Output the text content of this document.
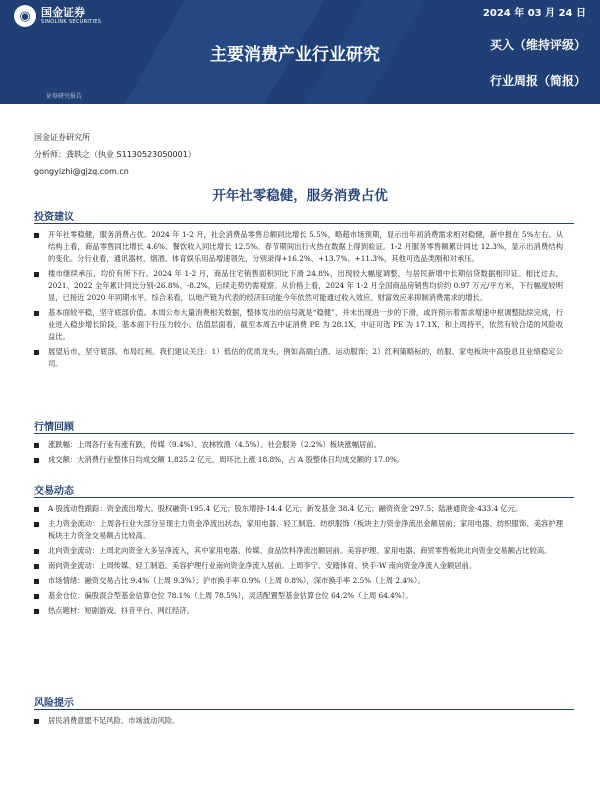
◉ 国金证券
SINOLINK SECURITIES
2024 年 03 月 24 日
主要消费产业行业研究	买入（维持评级）
行业周报（简报）
证券研究报告
国金证券研究所
分析师：龚轶之（执业 S1130523050001）
gongyizhi@gjzq.com.cn
开年社零稳健，服务消费占优
投资建议
开年社零稳健，服务消费占优。2024 年 1-2 月，社会消费品零售总额同比增长 5.5%，略超市场预期，显示出年初消费需求相对稳健，新中报在 5%左右。从结构上看，商品零售同比增长 4.6%、餐饮收入同比增长 12.5%。春节期间出行火热在数据上得到验证。1-2 月服务零售额累计同比 12.3%，显示出消费结构的变化。分行业看，通讯器材、烟酒、体育娱乐用品增速领先，分别录得+16.2%、+13.7%、+11.3%，其他可选品类刚和对承压。
楼市继续承压，均价有所下行。2024 年 1-2 月，商品住宅销售面积同比下滑 24.8%，出现较大幅度调整，与居民新增中长期信贷数据相印证。相比过去，2021、2022 全年累计同比分别-26.8%、-8.2%，后续走势仍需观察。从价格上看，2024 年 1-2 月全国商品房销售均价约 0.97 万元/平方米，下行幅度较明显，已接近 2020 年同期水平。综合来看，以地产链为代表的经济旧动能今年依然可能通过收入效应、财富效应来抑制消费需求的增长。
基本面较平稳，坚守底部价值。本周公布大量消费相关数据，整体发出的信号就是“稳健”，并未出现进一步的下滑，或许预示着需求增速中枢调整陆续完成，行业进入稳步增长阶段，基本面下行压力较小。估值层面看，截至本周五中证消费 PE 为 28.1X，中证可选 PE 为 17.1X，和上周持平，依然有较合适的风险收益比。
展望后市，坚守底部、布局红利。我们建议关注：1）低估的优质龙头，例如高端白酒、运动服饰；2）红利策略标的，纺服、家电板块中高股息且业绩稳定公司。
行情回顾
涨跌幅：上周各行业有涨有跌，传媒（9.4%）、农林牧渔（4.5%）、社会服务（2.2%）板块涨幅居前。
成交额：大消费行业整体日均成交额 1,825.2 亿元，周环比上涨 18.8%，占 A 股整体日均成交额的 17.0%。
交易动态
A 股流动性跟踪：资金流出增大。股权融资-195.4 亿元；股东增持-14.4 亿元；新发基金 38.4 亿元；融资资金 297.5；陆港通资金-433.4 亿元。
主力资金流动：上周各行业大部分呈现主力资金净流出状态，家用电器、轻工制造、纺织服饰（板块主力资金净流出金额居前；家用电器、纺织服饰、美容护理板块主力资金交易额占比较高。
北向资金流动：上周北向资金大多呈净流入，其中家用电器、传媒、食品饮料净流出额居前。美容护理、家用电器、商贸零售板块北向资金交易额占比较高。
南向资金流动：上周传媒、轻工制造、美容护理行业南向资金净流入居前。上周李宁、安踏体育、快手-W 南向资金净流入金额居前。
市场情绪：融资交易占比 9.4%（上周 9.3%）；沪市换手率 0.9%（上周 0.8%），深市换手率 2.5%（上周 2.4%）。
基金仓位：偏股混合型基金估算仓位 78.1%（上周 78.5%），灵活配置型基金估算仓位 64.2%（上周 64.4%）。
热点题材：短剧游戏、抖音平台、网红经济。
风险提示
居民消费意愿不足风险、市场波动风险。
